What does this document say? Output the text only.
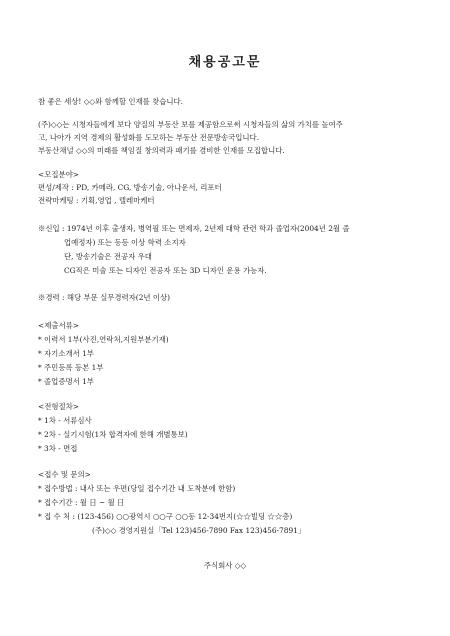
채용공고문
참 좋은 세상! ◇◇와 함께할 인재를 찾습니다.
(주)◇◇는 시청자들에게 보다 양질의 부동산 보를 제공함으로써 시청자들의 삶의 가치를 높여주
고, 나아가 지역 경제의 활성화를 도모하는 부동산 전문방송국입니다.
부동산채널 ◇◇의 미래를 책임질 창의력과 패기를 겸비한 인재를 모집합니다.
<모집분야>
편성/제작 : PD, 카메라, CG, 방송기술, 아나운서, 리포터
전략마케팅 : 기획,영업 , 텔레마케터
※신입 : 1974년 이후 출생자, 병역필 또는 면제자, 2년제 대학 관련 학과 졸업자(2004년 2월 졸
업예정자) 또는 동등 이상 학력 소지자
단, 방송기술은 전공자 우대
CG직은 미술 또는 디자인 전공자 또는 3D 디자인 운용 가능자.
※경력 : 해당 부문 실무경력자(2년 이상)
<제출서류>
* 이력서 1부(사진,연락처,지원부분기재)
* 자기소개서 1부
* 주민등록 등본 1부
* 졸업증명서 1부
<전형절차>
* 1차 - 서류심사
* 2차 - 실기시험(1차 합격자에 한해 개별통보)
* 3차 - 면접
<접수 및 문의>
* 접수방법 : 내사 또는 우편(당일 접수기간 내 도착분에 한함)
* 접수기간 : 월 日 ~ 월 日
* 접 수 처 : (123-456) ○○광역시 ○○구 ○○동 12-34번지(☆☆빌딩 ☆☆층)
(주)◇◇ 경영지원실「Tel 123)456-7890 Fax 123)456-7891」
주식회사 ◇◇
